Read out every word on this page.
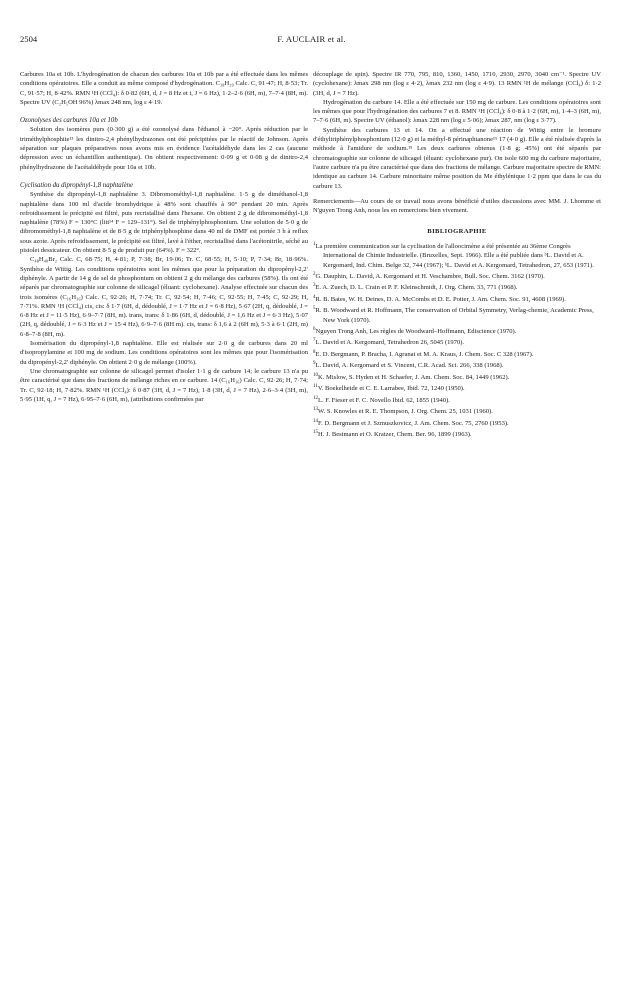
2504	F. AUCLAIR et al.

Carbures 10a et 10b. L'hydrogénation de chacun des carbures 10a et 10b par a été effectuée dans les mêmes conditions opératoires. Elle a conduit au même composé d'hydrogénation. C₁₈H₂₀ Calc. C, 91·47; H, 8·53; Tr. C, 91·57; H, 8·42%. RMN ¹H (CCl₄): δ 0·82 (6H, d, J = 8 Hz et t, J = 6 Hz), 1·2–2·6 (6H, m), 7–7·4 (8H, m). Spectre UV (C₂H₅OH 96%) λmax 248 nm, log ε 4·19.

Ozonolyses des carbures 10a et 10b

Solution des isomères purs (0·300 g) a été ozonolysé dans l'éthanol à −20°. Après réduction par le triméthylphosphite¹³ les dinitro-2,4 phénylhydrazones ont été précipitées par le réactif de Johnson. Après séparation sur plaques préparatives nous avons mis en évidence l'acétaldéhyde dans les 2 cas (aucune dépression avec un échantillon authentique). On obtient respectivement: 0·09 g et 0·08 g de dinitro-2,4 phénylhydrazone de l'acétaldéhyde pour 10a et 10b.

Cyclisation du dipropényl-1,8 naphtalène

Synthèse du dipropényl-1,8 naphtalène 3. Dibromométhyl-1,8 naphtalène. 1·5 g de diméthanol-1,8 naphtalène dans 100 ml d'acide bromhydrique à 48% sont chauffés à 90° pendant 20 min. Après refroidissement le précipité est filtré, puis recristallisé dans l'hexane. On obtient 2 g de dibromométhyl-1,8 naphtalène (78%) F = 130°C (litt¹⁴ F = 129–131°). Sel de triphénylphosphonium. Une solution de 5·0 g de dibromométhyl-1,8 naphtalène et de 8·5 g de triphénylphosphine dans 40 ml de DMF est portée 3 h à reflux sous azote. Après refroidissement, le précipité est filtré, lavé à l'éther, recristallisé dans l'acétonitrile, séché au pistolet dessicateur. On obtient 8·5 g de produit pur (64%). F = 322°.

C₄₈H₄₀Br₂ Calc. C, 68·75; H, 4·81; P, 7·38; Br, 19·06; Tr. C, 68·55; H, 5·10; P, 7·34; Br, 18·96%. Synthèse de Wittig. Les conditions opératoires sont les mêmes que pour la préparation du dipropényl-2,2′ diphényle. A partir de 14 g de sel de phosphonium on obtient 2 g du mélange des carbures (58%). Ils ont été séparés par chromatographie sur colonne de silicagel (éluant: cyclohexane). Analyse effectuée sur chacun des trois isomères (C₁₆H₁₆) Calc. C, 92·26; H, 7·74; Tr. C, 92·54; H, 7·46; C, 92·55; H, 7·45; C, 92·29; H, 7·71%. RMN ¹H (CCl₄) cis, cis: δ 1·7 (6H, d, dédoublé, J = 1·7 Hz et J = 6·8 Hz), 5·67 (2H, q, dédoublé, J = 6·8 Hz et J = 11·5 Hz), 6·9–7·7 (8H, m). trans, trans: δ 1·86 (6H, d, dédoublé, J = 1,6 Hz et J = 6·3 Hz), 5·07 (2H, q, dédoublé, J = 6·3 Hz et J = 15·4 Hz), 6·9–7·6 (8H m). cis, trans: δ 1,6 à 2 (6H m), 5·3 à 6·1 (2H, m) 6·8–7·8 (8H, m).

Isomérisation du dipropényl-1,8 naphtalène. Elle est réalisée sur 2·0 g de carbures dans 20 ml d'isopropylamine et 100 mg de sodium. Les conditions opératoires sont les mêmes que pour l'isomérisation du dipropényl-2,2′ diphényle. On obtient 2·0 g de mélange (100%).

Une chromatographie sur colonne de silicagel permet d'isoler 1·1 g de carbure 14; le carbure 13 n'a pu être caractérisé que dans des fractions de mélange riches en ce carbure. 14 (C₁₆H₁₆) Calc. C, 92·26; H, 7·74; Tr. C, 92·18; H, 7·82%. RMN ¹H (CCl₄): δ 0·87 (3H, d, J = 7 Hz), 1·8 (3H, d, J = 7 Hz), 2·6–3·4 (3H, m), 5·95 (1H, q, J = 7 Hz), 6·95–7·6 (6H, m), (attributions confirmées par

découplage de spin). Spectre IR 770, 795, 810, 1360, 1450, 1710, 2930, 2970, 3040 cm⁻¹. Spectre UV (cyclohexane): λmax 298 nm (log ε 4·2), λmax 232 nm (log ε 4·9). 13 RMN ¹H de mélange (CCl₄) δ: 1·2 (3H, d, J = 7 Hz).

Hydrogénation du carbure 14. Elle a été effectuée sur 150 mg de carbure. Les conditions opératoires sont les mêmes que pour l'hydrogénation des carbures 7 et 8. RMN ¹H (CCl₄): δ 0·8 à 1·2 (6H, m), 1·4–3 (6H, m), 7–7·6 (6H, m). Spectre UV (éthanol): λmax 228 nm (log ε 5·06); λmax 287, nm (log ε 3·77).

Synthèse des carbures 13 et 14. On a effectué une réaction de Wittig entre le bromure d'éthyltriphénylphosphonium (12·0 g) et la méthyl-8 périnaphtanone¹⁵ 17 (4·0 g). Elle a été réalisée d'après la méthode à l'amidure de sodium.¹⁵ Les deux carbures obtenus (1·8 g; 45%) ont été séparés par chromatographie sur colonne de silicagel (éluant: cyclohexane pur). On isole 600 mg du carbure majoritaire, l'autre carbure n'a pu être caractérisé que dans des fractions de mélange. Carbure majoritaire spectre de RMN: identique au carbure 14. Carbure minoritaire même position du Me éthylénique 1·2 ppm que dans le cas du carbure 13.

Remerciements—Au cours de ce travail nous avons bénéficié d'utiles discussions avec MM. J. Lhomme et N'guyen Trong Anh, nous les en remercions bien vivement.

BIBLIOGRAPHIE
$^1$La première communication sur la cyclisation de l'alloocimène a été présentée au 36ème Congrès International de Chimie Industrielle. (Bruxelles, Sept. 1966). Elle a été publiée dans ᵇL. David et A. Kergomard, Ind. Chim. Belge 32, 744 (1967); ᵇL. David et A. Kergomard, Tetrahedron, 27, 653 (1971).
$^2$G. Dauphin, L. David, A. Kergomard et H. Veschambre, Bull. Soc. Chem. 3162 (1970).
$^3$E. A. Zuech, D. L. Crain et P. F. Kleinschmidt, J. Org. Chem. 33, 771 (1968).
$^4$R. B. Bates, W. H. Deines, D. A. McCombs et D. E. Potter, J. Am. Chem. Soc. 91, 4608 (1969).
$^5$R. B. Woodward et R. Hoffmann, The conservation of Orbital Symmetry, Verlag-chemie, Academic Press, New York (1970).
$^6$Nguyen Trong Anh, Les règles de Woodward–Hoffmann, Ediscience (1970).
$^7$L. David et A. Kergomard, Tetrahedron 26, 5045 (1970).
$^8$E. D. Bergmann, P. Bracha, I. Agranat et M. A. Kraus, J. Chem. Soc. C 328 (1967).
$^9$L. David, A. Kergomard et S. Vincent, C.R. Acad. Sci. 266, 338 (1968).
$^{10}$K. Mislow, S. Hyden et H. Schaefer, J. Am. Chem. Soc. 84, 1449 (1962).
$^{11}$V. Boekelheide et C. E. Larrabee, Ibid. 72, 1240 (1950).
$^{12}$L. F. Fieser et F. C. Novello Ibid. 62, 1855 (1940).
$^{13}$W. S. Knowles et R. E. Thompson, J. Org. Chem. 25, 1031 (1960).
$^{14}$F. D. Bergmann et J. Szmuszkovicz, J. Am. Chem. Soc. 75, 2760 (1953).
$^{15}$H. J. Bestmann et O. Kratzer, Chem. Ber. 96, 1899 (1963).
